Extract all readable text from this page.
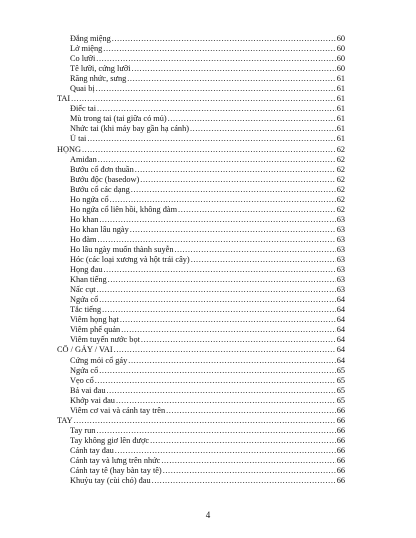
Đắng miệng .....	60
Lở miệng .....	60
Co lưỡi .....	60
Tê lưỡi, cứng lưỡi .....	60
Răng nhức, sưng .....	61
Quai bị .....	61
TAI .....	61
Điếc tai .....	61
Mù trong tai (tai giữa có mủ) .....	61
Nhức tai (khi máy bay gần hạ cánh) .....	61
Ù tai .....	61
HỌNG .....	62
Amiđan .....	62
Bướu cổ đơn thuần .....	62
Bướu độc (basedow) .....	62
Bướu cổ các dạng .....	62
Ho ngứa cổ .....	62
Ho ngứa cổ liên hồi, không đàm .....	62
Ho khan .....	63
Ho khan lâu ngày .....	63
Ho đàm .....	63
Ho lâu ngày muốn thành suyễn .....	63
Hóc (các loại xương và hột trái cây) .....	63
Họng đau .....	63
Khan tiếng .....	63
Nấc cụt .....	63
Ngứa cổ .....	64
Tắc tiếng .....	64
Viêm họng hạt .....	64
Viêm phế quản .....	64
Viêm tuyến nước bọt .....	64
CỔ / GÁY / VAI .....	64
Cứng mỏi cổ gáy .....	64
Ngứa cổ .....	65
Vẹo cổ .....	65
Bả vai đau .....	65
Khớp vai đau .....	65
Viêm cơ vai và cánh tay trên .....	66
TAY .....	66
Tay run .....	66
Tay không giơ lên được .....	66
Cánh tay đau .....	66
Cánh tay và lưng trên nhức .....	66
Cánh tay tê (hay bàn tay tê) .....	66
Khuỷu tay (cùi chỏ) đau .....	66
4
